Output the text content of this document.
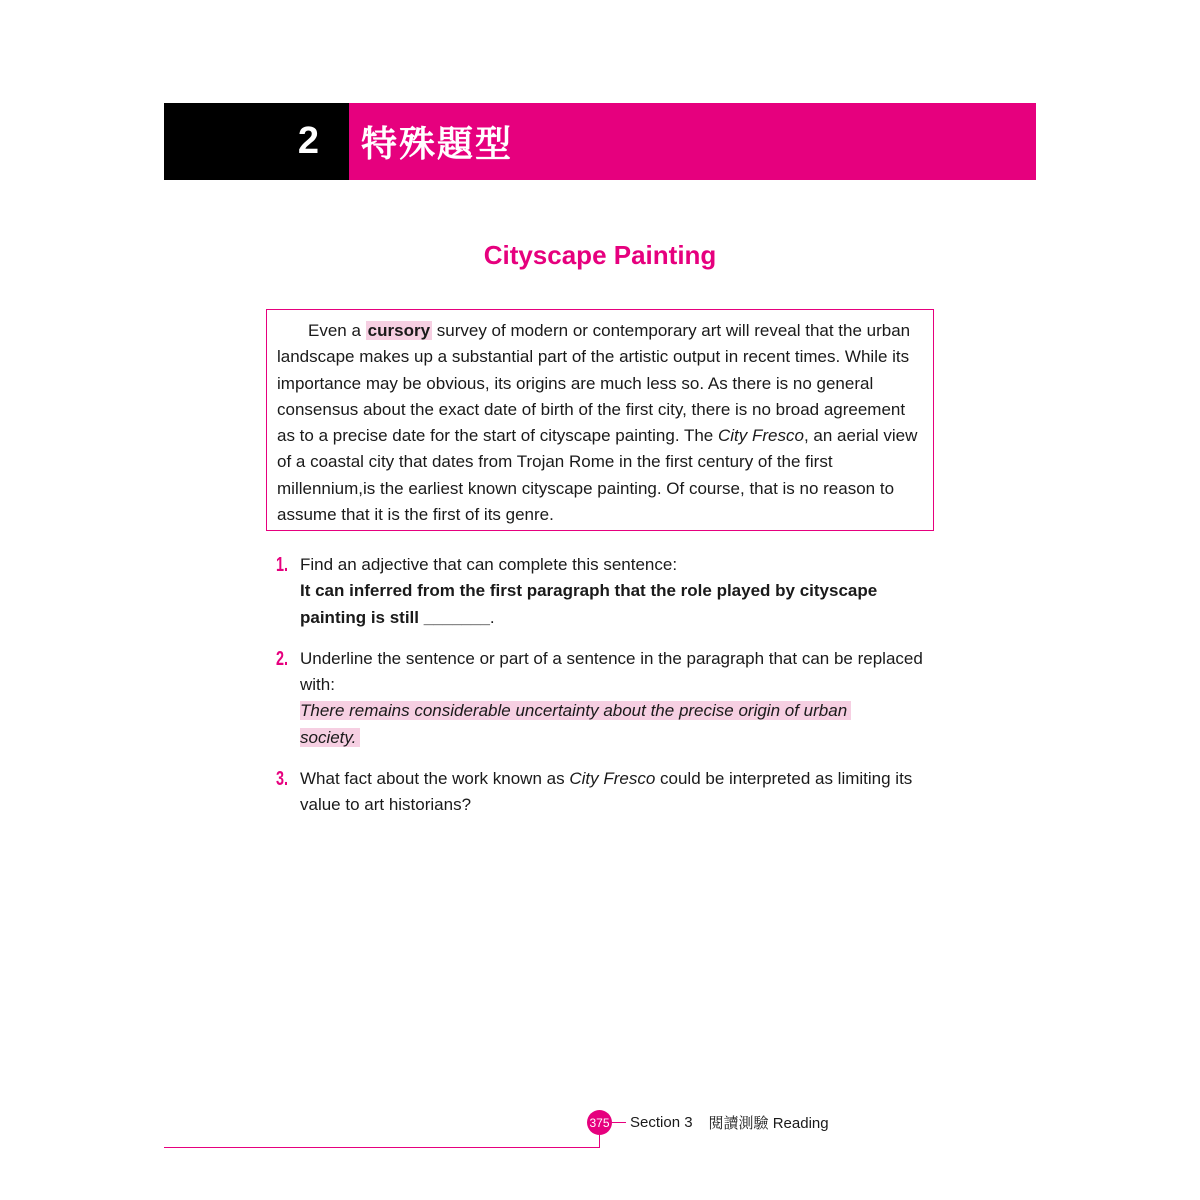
2	特殊題型
Cityscape Painting

Even a cursory survey of modern or contemporary art will reveal that the urban landscape makes up a substantial part of the artistic output in recent times. While its importance may be obvious, its origins are much less so. As there is no general consensus about the exact date of birth of the first city, there is no broad agreement as to a precise date for the start of cityscape painting. The City Fresco, an aerial view of a coastal city that dates from Trojan Rome in the first century of the first millennium,is the earliest known cityscape painting. Of course, that is no reason to assume that it is the first of its genre.

1. Find an adjective that can complete this sentence:
It can inferred from the first paragraph that the role played by cityscape painting is still _______.
2. Underline the sentence or part of a sentence in the paragraph that can be replaced with:
There remains considerable uncertainty about the precise origin of urban
society.
3. What fact about the work known as City Fresco could be interpreted as limiting its value to art historians?
375 Section 3 閱讀測驗 Reading
